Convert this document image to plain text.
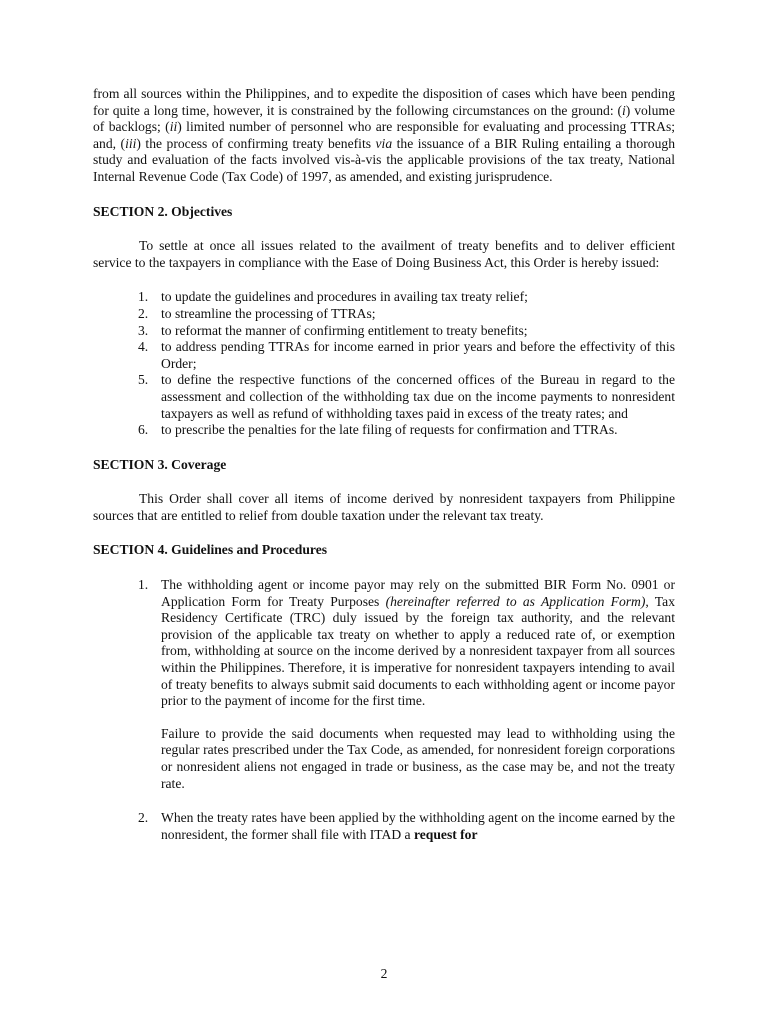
from all sources within the Philippines, and to expedite the disposition of cases which have been pending for quite a long time, however, it is constrained by the following circumstances on the ground: (i) volume of backlogs; (ii) limited number of personnel who are responsible for evaluating and processing TTRAs; and, (iii) the process of confirming treaty benefits via the issuance of a BIR Ruling entailing a thorough study and evaluation of the facts involved vis-à-vis the applicable provisions of the tax treaty, National Internal Revenue Code (Tax Code) of 1997, as amended, and existing jurisprudence.

SECTION 2. Objectives

To settle at once all issues related to the availment of treaty benefits and to deliver efficient service to the taxpayers in compliance with the Ease of Doing Business Act, this Order is hereby issued:

1. to update the guidelines and procedures in availing tax treaty relief;
2. to streamline the processing of TTRAs;
3. to reformat the manner of confirming entitlement to treaty benefits;
4. to address pending TTRAs for income earned in prior years and before the effectivity of this Order;
5. to define the respective functions of the concerned offices of the Bureau in regard to the assessment and collection of the withholding tax due on the income payments to nonresident taxpayers as well as refund of withholding taxes paid in excess of the treaty rates; and
6. to prescribe the penalties for the late filing of requests for confirmation and TTRAs.

SECTION 3. Coverage

This Order shall cover all items of income derived by nonresident taxpayers from Philippine sources that are entitled to relief from double taxation under the relevant tax treaty.

SECTION 4. Guidelines and Procedures

1. The withholding agent or income payor may rely on the submitted BIR Form No. 0901 or Application Form for Treaty Purposes (hereinafter referred to as Application Form), Tax Residency Certificate (TRC) duly issued by the foreign tax authority, and the relevant provision of the applicable tax treaty on whether to apply a reduced rate of, or exemption from, withholding at source on the income derived by a nonresident taxpayer from all sources within the Philippines. Therefore, it is imperative for nonresident taxpayers intending to avail of treaty benefits to always submit said documents to each withholding agent or income payor prior to the payment of income for the first time.

Failure to provide the said documents when requested may lead to withholding using the regular rates prescribed under the Tax Code, as amended, for nonresident foreign corporations or nonresident aliens not engaged in trade or business, as the case may be, and not the treaty rate.

2. When the treaty rates have been applied by the withholding agent on the income earned by the nonresident, the former shall file with ITAD a request for

2
